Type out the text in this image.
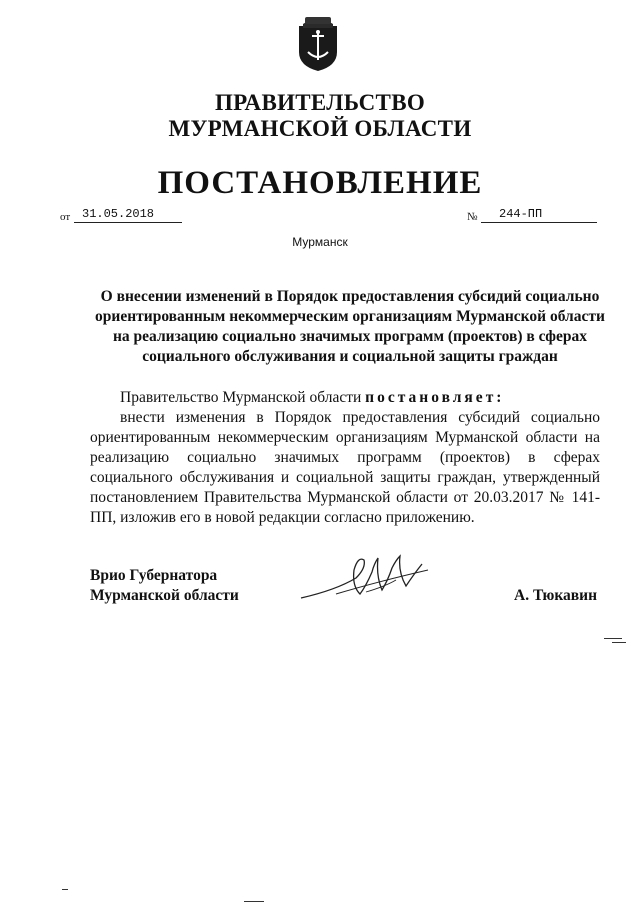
ПРАВИТЕЛЬСТВО
МУРМАНСКОЙ ОБЛАСТИ
ПОСТАНОВЛЕНИЕ
от 31.05.2018	№	244-ПП
Мурманск
О внесении изменений в Порядок предоставления субсидий социально
ориентированным некоммерческим организациям Мурманской области
на реализацию социально значимых программ (проектов) в сферах
социального обслуживания и социальной защиты граждан
Правительство Мурманской области постановляет:
внести изменения в Порядок предоставления субсидий социально ориентированным некоммерческим организациям Мурманской области на реализацию социально значимых программ (проектов) в сферах социального обслуживания и социальной защиты граждан, утвержденный постановлением Правительства Мурманской области от 20.03.2017 № 141-ПП, изложив его в новой редакции согласно приложению.
Врио Губернатора
Мурманской области	А. Тюкавин
